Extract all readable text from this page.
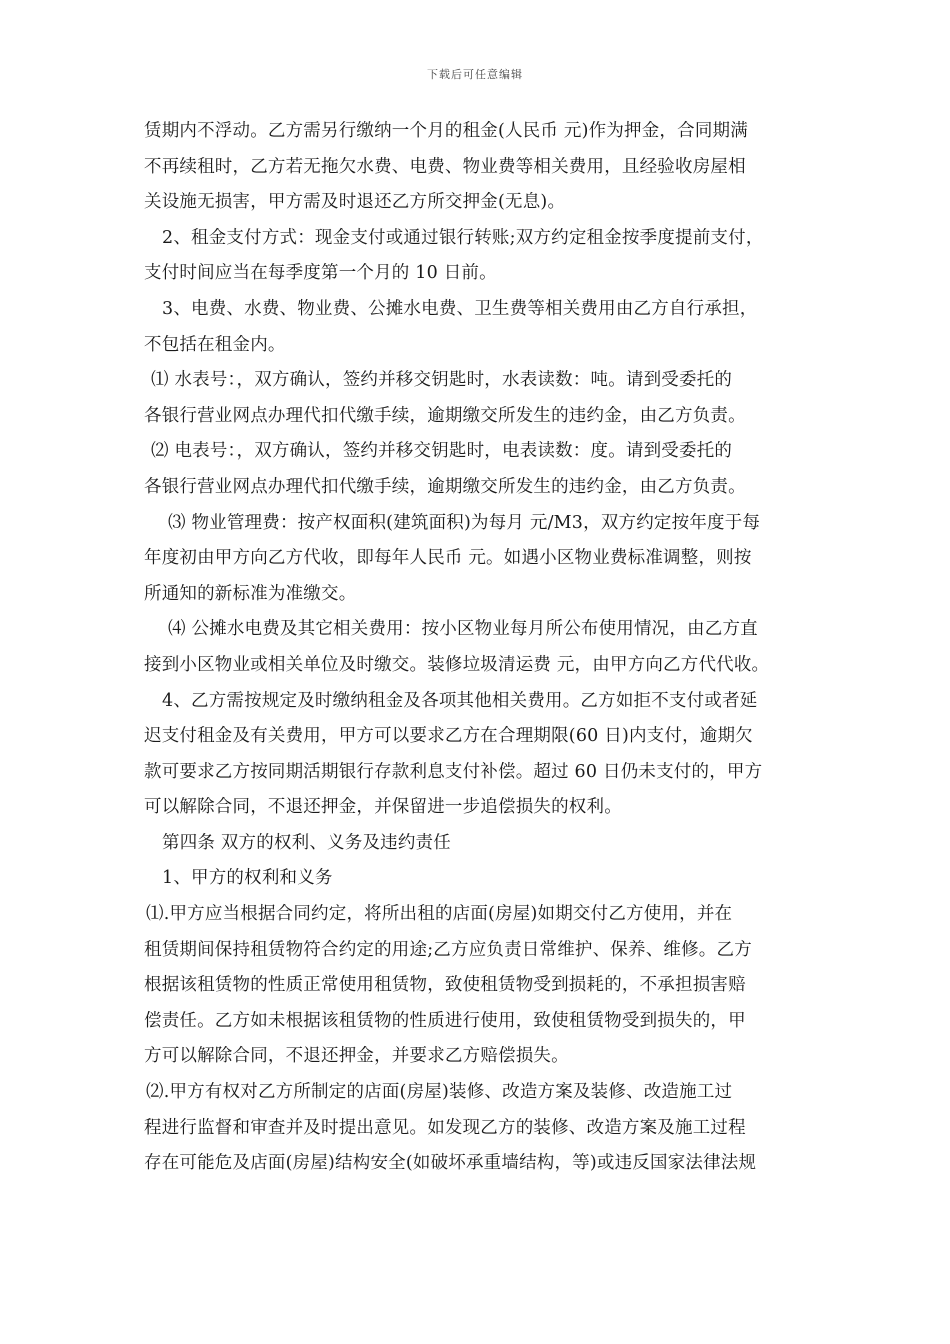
下载后可任意编辑
赁期内不浮动。乙方需另行缴纳一个月的租金(人民币 元)作为押金，合同期满
不再续租时，乙方若无拖欠水费、电费、物业费等相关费用，且经验收房屋相
关设施无损害，甲方需及时退还乙方所交押金(无息)。
2、租金支付方式：现金支付或通过银行转账;双方约定租金按季度提前支付，
支付时间应当在每季度第一个月的 10 日前。
3、电费、水费、物业费、公摊水电费、卫生费等相关费用由乙方自行承担，
不包括在租金内。
⑴ 水表号：，双方确认，签约并移交钥匙时，水表读数：吨。请到受委托的
各银行营业网点办理代扣代缴手续，逾期缴交所发生的违约金，由乙方负责。
⑵ 电表号：，双方确认，签约并移交钥匙时，电表读数：度。请到受委托的
各银行营业网点办理代扣代缴手续，逾期缴交所发生的违约金，由乙方负责。
⑶ 物业管理费：按产权面积(建筑面积)为每月 元/M3，双方约定按年度于每
年度初由甲方向乙方代收，即每年人民币 元。如遇小区物业费标准调整，则按
所通知的新标准为准缴交。
⑷ 公摊水电费及其它相关费用：按小区物业每月所公布使用情况，由乙方直
接到小区物业或相关单位及时缴交。装修垃圾清运费 元，由甲方向乙方代代收。
4、乙方需按规定及时缴纳租金及各项其他相关费用。乙方如拒不支付或者延
迟支付租金及有关费用，甲方可以要求乙方在合理期限(60 日)内支付，逾期欠
款可要求乙方按同期活期银行存款利息支付补偿。超过 60 日仍未支付的，甲方
可以解除合同，不退还押金，并保留进一步追偿损失的权利。
第四条 双方的权利、义务及违约责任
1、甲方的权利和义务
⑴.甲方应当根据合同约定，将所出租的店面(房屋)如期交付乙方使用，并在
租赁期间保持租赁物符合约定的用途;乙方应负责日常维护、保养、维修。乙方
根据该租赁物的性质正常使用租赁物，致使租赁物受到损耗的，不承担损害赔
偿责任。乙方如未根据该租赁物的性质进行使用，致使租赁物受到损失的，甲
方可以解除合同，不退还押金，并要求乙方赔偿损失。
⑵.甲方有权对乙方所制定的店面(房屋)装修、改造方案及装修、改造施工过
程进行监督和审查并及时提出意见。如发现乙方的装修、改造方案及施工过程
存在可能危及店面(房屋)结构安全(如破坏承重墙结构，等)或违反国家法律法规
